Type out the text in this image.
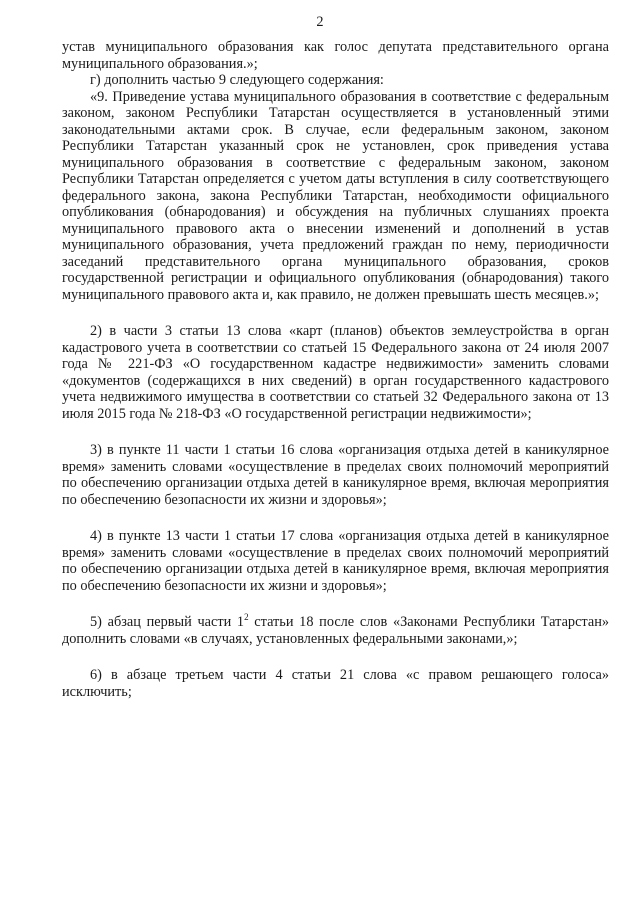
2

устав муниципального образования как голос депутата представительного органа муниципального образования.»;

г) дополнить частью 9 следующего содержания:

«9. Приведение устава муниципального образования в соответствие с федеральным законом, законом Республики Татарстан осуществляется в установленный этими законодательными актами срок. В случае, если федеральным законом, законом Республики Татарстан указанный срок не установлен, срок приведения устава муниципального образования в соответствие с федеральным законом, законом Республики Татарстан определяется с учетом даты вступления в силу соответствующего федерального закона, закона Республики Татарстан, необходимости официального опубликования (обнародования) и обсуждения на публичных слушаниях проекта муниципального правового акта о внесении изменений и дополнений в устав муниципального образования, учета предложений граждан по нему, периодичности заседаний представительного органа муниципального образования, сроков государственной регистрации и официального опубликования (обнародования) такого муниципального правового акта и, как правило, не должен превышать шесть месяцев.»;

2) в части 3 статьи 13 слова «карт (планов) объектов землеустройства в орган кадастрового учета в соответствии со статьей 15 Федерального закона от 24 июля 2007 года № 221-ФЗ «О государственном кадастре недвижимости» заменить словами «документов (содержащихся в них сведений) в орган государственного кадастрового учета недвижимого имущества в соответствии со статьей 32 Федерального закона от 13 июля 2015 года № 218-ФЗ «О государственной регистрации недвижимости»;

3) в пункте 11 части 1 статьи 16 слова «организация отдыха детей в каникулярное время» заменить словами «осуществление в пределах своих полномочий мероприятий по обеспечению организации отдыха детей в каникулярное время, включая мероприятия по обеспечению безопасности их жизни и здоровья»;

4) в пункте 13 части 1 статьи 17 слова «организация отдыха детей в каникулярное время» заменить словами «осуществление в пределах своих полномочий мероприятий по обеспечению организации отдыха детей в каникулярное время, включая мероприятия по обеспечению безопасности их жизни и здоровья»;

5) абзац первый части $1^2$ статьи 18 после слов «Законами Республики Татарстан» дополнить словами «в случаях, установленных федеральными законами,»;

6) в абзаце третьем части 4 статьи 21 слова «с правом решающего голоса» исключить;
